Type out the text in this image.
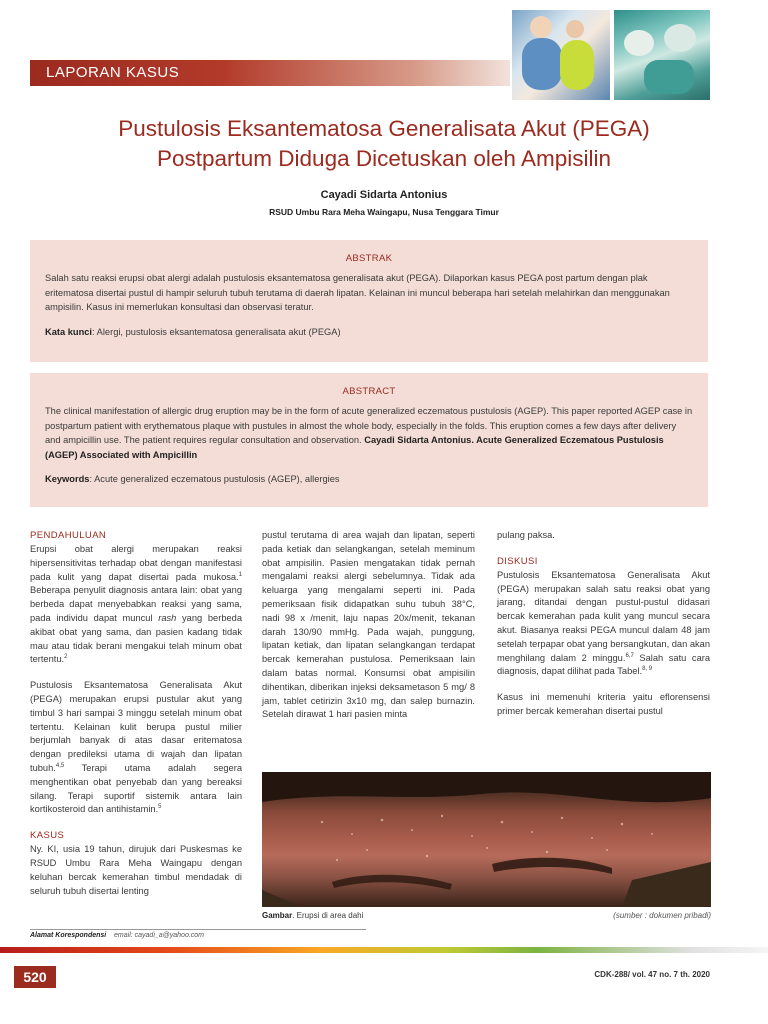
LAPORAN KASUS
Pustulosis Eksantematosa Generalisata Akut (PEGA)
Postpartum Diduga Dicetuskan oleh Ampisilin
Cayadi Sidarta Antonius
RSUD Umbu Rara Meha Waingapu, Nusa Tenggara Timur
ABSTRAK
Salah satu reaksi erupsi obat alergi adalah pustulosis eksantematosa generalisata akut (PEGA). Dilaporkan kasus PEGA post partum dengan plak eritematosa disertai pustul di hampir seluruh tubuh terutama di daerah lipatan. Kelainan ini muncul beberapa hari setelah melahirkan dan menggunakan ampisilin. Kasus ini memerlukan konsultasi dan observasi teratur.
Kata kunci: Alergi, pustulosis eksantematosa generalisata akut (PEGA)
ABSTRACT
The clinical manifestation of allergic drug eruption may be in the form of acute generalized eczematous pustulosis (AGEP). This paper reported AGEP case in postpartum patient with erythematous plaque with pustules in almost the whole body, especially in the folds. This eruption comes a few days after delivery and ampicillin use. The patient requires regular consultation and observation. Cayadi Sidarta Antonius. Acute Generalized Eczematous Pustulosis (AGEP) Associated with Ampicillin
Keywords: Acute generalized eczematous pustulosis (AGEP), allergies
PENDAHULUAN

Erupsi obat alergi merupakan reaksi hipersensitivitas terhadap obat dengan manifestasi pada kulit yang dapat disertai pada mukosa.$^1$ Beberapa penyulit diagnosis antara lain: obat yang berbeda dapat menyebabkan reaksi yang sama, pada individu dapat muncul rash yang berbeda akibat obat yang sama, dan pasien kadang tidak mau atau tidak berani mengakui telah minum obat tertentu.$^2$

Pustulosis Eksantematosa Generalisata Akut (PEGA) merupakan erupsi pustular akut yang timbul 3 hari sampai 3 minggu setelah minum obat tertentu. Kelainan kulit berupa pustul milier berjumlah banyak di atas dasar eritematosa dengan predileksi utama di wajah dan lipatan tubuh.$^{4,5}$ Terapi utama adalah segera menghentikan obat penyebab dan yang bereaksi silang. Terapi suportif sistemik antara lain kortikosteroid dan antihistamin.$^5$

KASUS

Ny. KI, usia 19 tahun, dirujuk dari Puskesmas ke RSUD Umbu Rara Meha Waingapu dengan keluhan bercak kemerahan timbul mendadak di seluruh tubuh disertai lenting

pustul terutama di area wajah dan lipatan, seperti pada ketiak dan selangkangan, setelah meminum obat ampisilin. Pasien mengatakan tidak pernah mengalami reaksi alergi sebelumnya. Tidak ada keluarga yang mengalami seperti ini. Pada pemeriksaan fisik didapatkan suhu tubuh 38°C, nadi 98 x /menit, laju napas 20x/menit, tekanan darah 130/90 mmHg. Pada wajah, punggung, lipatan ketiak, dan lipatan selangkangan terdapat bercak kemerahan pustulosa. Pemeriksaan lain dalam batas normal. Konsumsi obat ampisilin dihentikan, diberikan injeksi deksametason 5 mg/ 8 jam, tablet cetirizin 3x10 mg, dan salep burnazin. Setelah dirawat 1 hari pasien minta

pulang paksa.

DISKUSI

Pustulosis Eksantematosa Generalisata Akut (PEGA) merupakan salah satu reaksi obat yang jarang, ditandai dengan pustul-pustul didasari bercak kemerahan pada kulit yang muncul secara akut. Biasanya reaksi PEGA muncul dalam 48 jam setelah terpapar obat yang bersangkutan, dan akan menghilang dalam 2 minggu.$^{6,7}$ Salah satu cara diagnosis, dapat dilihat pada Tabel.$^{8, 9}$

Kasus ini memenuhi kriteria yaitu eflorensensi primer bercak kemerahan disertai pustul

Gambar. Erupsi di area dahi	(sumber : dokumen pribadi)
Alamat Korespondensi email: cayadi_a@yahoo.com
520	CDK-288/ vol. 47 no. 7 th. 2020
